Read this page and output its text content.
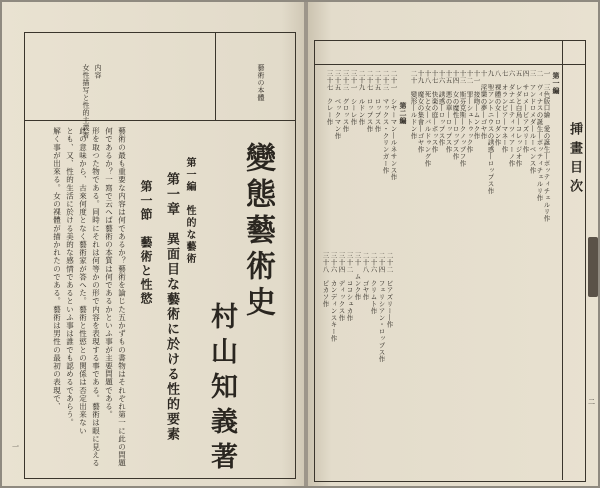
藝術の本體
内容
女性描写と性的主義者
變態藝術史
村山知義著
第一編　性的な藝術
第一章　異面目な藝術に於ける性的要素
第一節　藝術と性慾
藝術の最も重要な内容は何であるか？藝術を論じた五かずもの書物はそれぞれ第一に此の問題
何であるか？一寫で云へば藝術の本質は何であるかといふ事が主要問題である。
形を取つた物である。同時にそれは何等かの形で内容を表現する事である。藝術は眼に見える
此の意味から、古來何度となく藝術家が答へた。藝術と性慾との関係は否定出来ない
とも、又、性的生活に於ける美的な感情であるといふ事は誰でも認めるであらう。
解く事が出來る。女の裸體が描かれたのである。藝術は男性の最初の表現で、
一
挿畫目次
第一編
一　三色版口繪　愛の誕生―ボッティチェルリ作
二　ヴィナスの誕生―ボッティチェルリ作
三　アンドロメダ―ルーベンス作
四　サロメ―ビアズリー作
五　レダと白鳥―コレッジオ作
六　ダナエ―ティツィアーノ作
七　オランピア―マネー作
八　裸體の女―ロダン作
九　聖アントニウスの誘惑―ロップス作
十　淫樂の夢―ゴヤ作
十一　接吻―ムンク作
十二　罪―シュトゥック作
十三　斯芬克斯―クノップフ作
十四　女の魔性―ロップス作
十五　悪の華―ロップス作
十六　誘惑―ロップス作
十七　快楽の庭―ボッス作
十八　死と女―バルドゥング作
十九　魔女の集會―ゴヤ作
二十　變形―ルドン作
第二編
二十一　シヤーマン―ルネサンス作
二十二　ビアズリー―作
二十三　マックス・クリンガー作
二十四　フェリシアン・ロップス作
二十五　ロップス作
二十六　クリムト作
二十七　ロップス作
二十八　ゴヤ作
二十九　ルドン作
三十　ムンク作
三十一　シーレ作
三十二　ココシュカ作
三十三　グロッス作
三十四　ディックス作
三十五　ベックマン作
三十六　カンディンスキー作
三十七　クレー作
三十八　ピカソ作
二
